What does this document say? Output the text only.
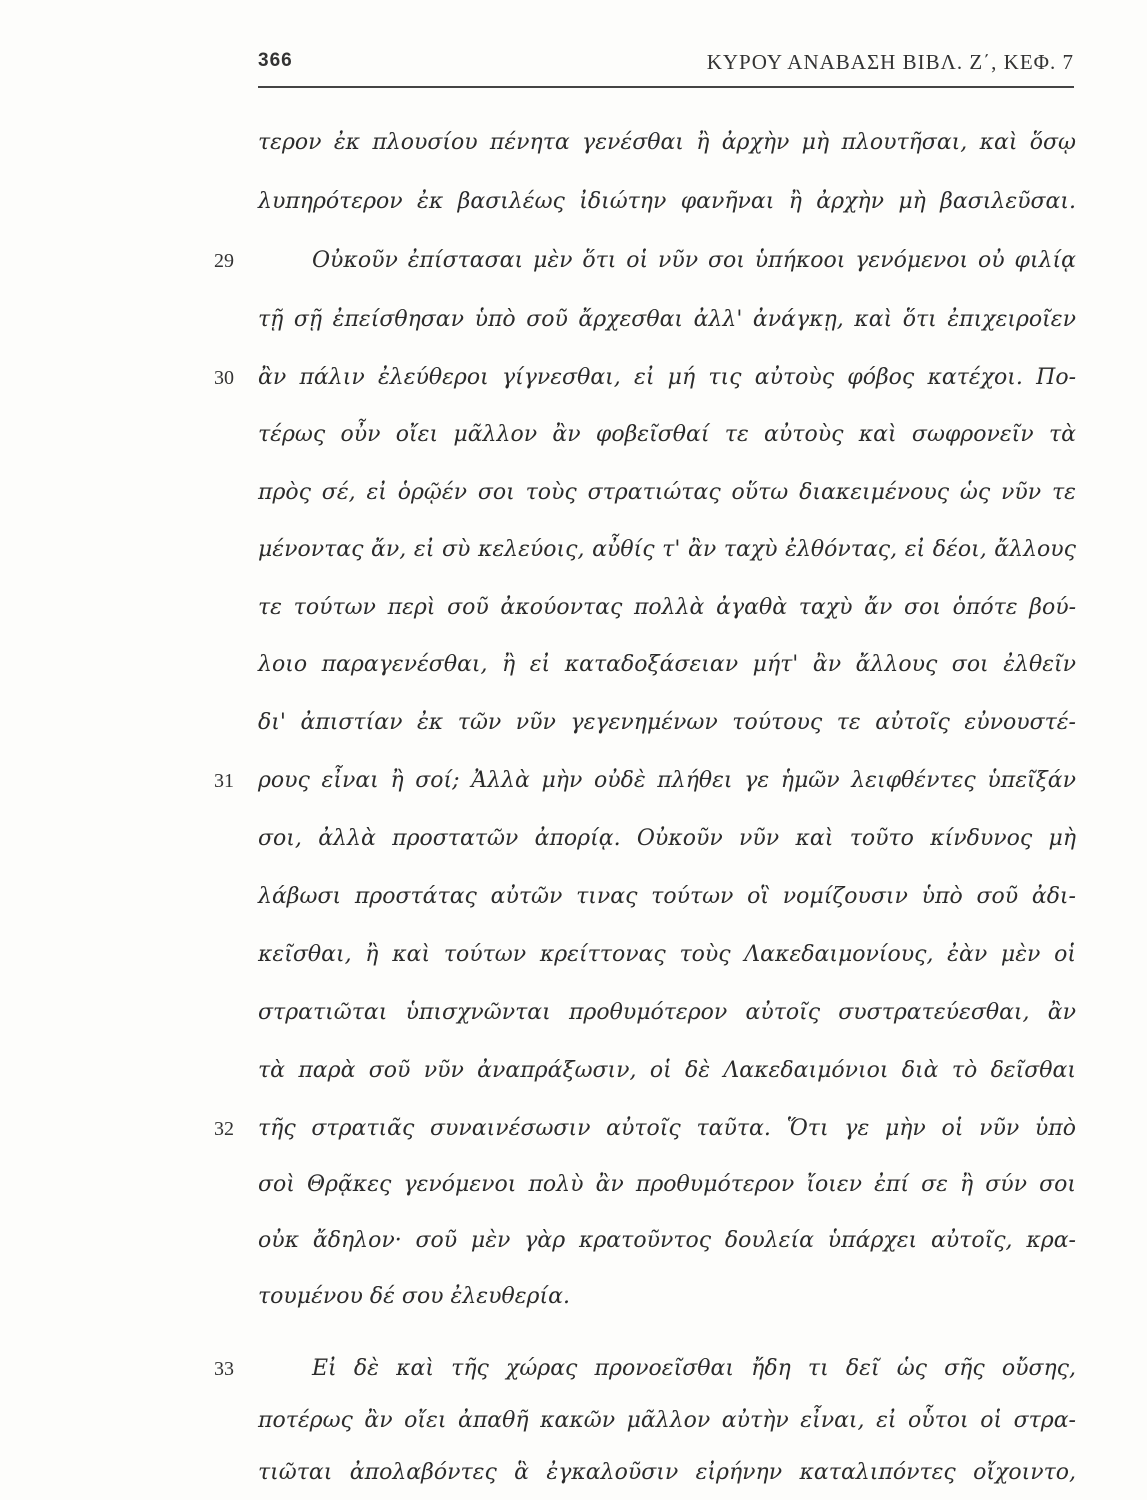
366	ΚΥΡΟΥ ΑΝΑΒΑΣΗ ΒΙΒΛ. Ζ΄, ΚΕΦ. 7
τερον ἐκ πλουσίου πένητα γενέσθαι ἢ ἀρχὴν μὴ πλουτῆσαι, καὶ ὅσῳ
λυπηρότερον ἐκ βασιλέως ἰδιώτην φανῆναι ἢ ἀρχὴν μὴ βασιλεῦσαι.
29	Οὐκοῦν ἐπίστασαι μὲν ὅτι οἱ νῦν σοι ὑπήκοοι γενόμενοι οὐ φιλίᾳ
τῇ σῇ ἐπείσθησαν ὑπὸ σοῦ ἄρχεσθαι ἀλλ' ἀνάγκῃ, καὶ ὅτι ἐπιχειροῖεν
30	ἂν πάλιν ἐλεύθεροι γίγνεσθαι, εἰ μή τις αὐτοὺς φόβος κατέχοι. Πο-
τέρως οὖν οἴει μᾶλλον ἂν φοβεῖσθαί τε αὐτοὺς καὶ σωφρονεῖν τὰ
πρὸς σέ, εἰ ὁρῷέν σοι τοὺς στρατιώτας οὕτω διακειμένους ὡς νῦν τε
μένοντας ἄν, εἰ σὺ κελεύοις, αὖθίς τ' ἂν ταχὺ ἐλθόντας, εἰ δέοι, ἄλλους
τε τούτων περὶ σοῦ ἀκούοντας πολλὰ ἀγαθὰ ταχὺ ἄν σοι ὁπότε βού-
λοιο παραγενέσθαι, ἢ εἰ καταδοξάσειαν μήτ' ἂν ἄλλους σοι ἐλθεῖν
δι' ἀπιστίαν ἐκ τῶν νῦν γεγενημένων τούτους τε αὐτοῖς εὐνουστέ-
31	ρους εἶναι ἢ σοί; Ἀλλὰ μὴν οὐδὲ πλήθει γε ἡμῶν λειφθέντες ὑπεῖξάν
σοι, ἀλλὰ προστατῶν ἀπορίᾳ. Οὐκοῦν νῦν καὶ τοῦτο κίνδυνος μὴ
λάβωσι προστάτας αὐτῶν τινας τούτων οἳ νομίζουσιν ὑπὸ σοῦ ἀδι-
κεῖσθαι, ἢ καὶ τούτων κρείττονας τοὺς Λακεδαιμονίους, ἐὰν μὲν οἱ
στρατιῶται ὑπισχνῶνται προθυμότερον αὐτοῖς συστρατεύεσθαι, ἂν
τὰ παρὰ σοῦ νῦν ἀναπράξωσιν, οἱ δὲ Λακεδαιμόνιοι διὰ τὸ δεῖσθαι
32	τῆς στρατιᾶς συναινέσωσιν αὐτοῖς ταῦτα. Ὅτι γε μὴν οἱ νῦν ὑπὸ
σοὶ Θρᾷκες γενόμενοι πολὺ ἂν προθυμότερον ἴοιεν ἐπί σε ἢ σύν σοι
οὐκ ἄδηλον· σοῦ μὲν γὰρ κρατοῦντος δουλεία ὑπάρχει αὐτοῖς, κρα-
τουμένου δέ σου ἐλευθερία.
33	Εἰ δὲ καὶ τῆς χώρας προνοεῖσθαι ἤδη τι δεῖ ὡς σῆς οὔσης,
ποτέρως ἂν οἴει ἀπαθῆ κακῶν μᾶλλον αὐτὴν εἶναι, εἰ οὗτοι οἱ στρα-
τιῶται ἀπολαβόντες ἃ ἐγκαλοῦσιν εἰρήνην καταλιπόντες οἴχοιντο,
